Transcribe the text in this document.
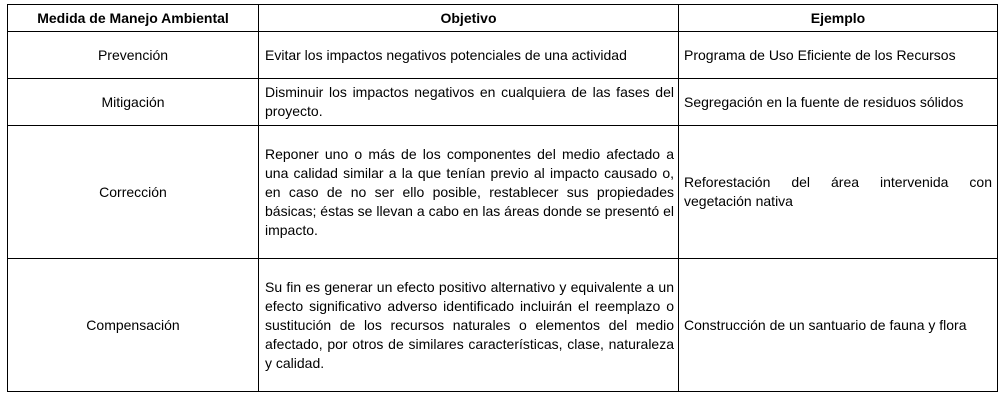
Medida de Manejo Ambiental	Objetivo	Ejemplo
Prevención	Evitar los impactos negativos potenciales de una actividad	Programa de Uso Eficiente de los Recursos
Mitigación	Disminuir los impactos negativos en cualquiera de las fases del proyecto.	Segregación en la fuente de residuos sólidos
Corrección	Reponer uno o más de los componentes del medio afectado a una calidad similar a la que tenían previo al impacto causado o, en caso de no ser ello posible, restablecer sus propiedades básicas; éstas se llevan a cabo en las áreas donde se presentó el impacto.	Reforestación del área intervenida con vegetación nativa
Compensación	Su fin es generar un efecto positivo alternativo y equivalente a un efecto significativo adverso identificado incluirán el reemplazo o sustitución de los recursos naturales o elementos del medio afectado, por otros de similares características, clase, naturaleza y calidad.	Construcción de un santuario de fauna y flora
